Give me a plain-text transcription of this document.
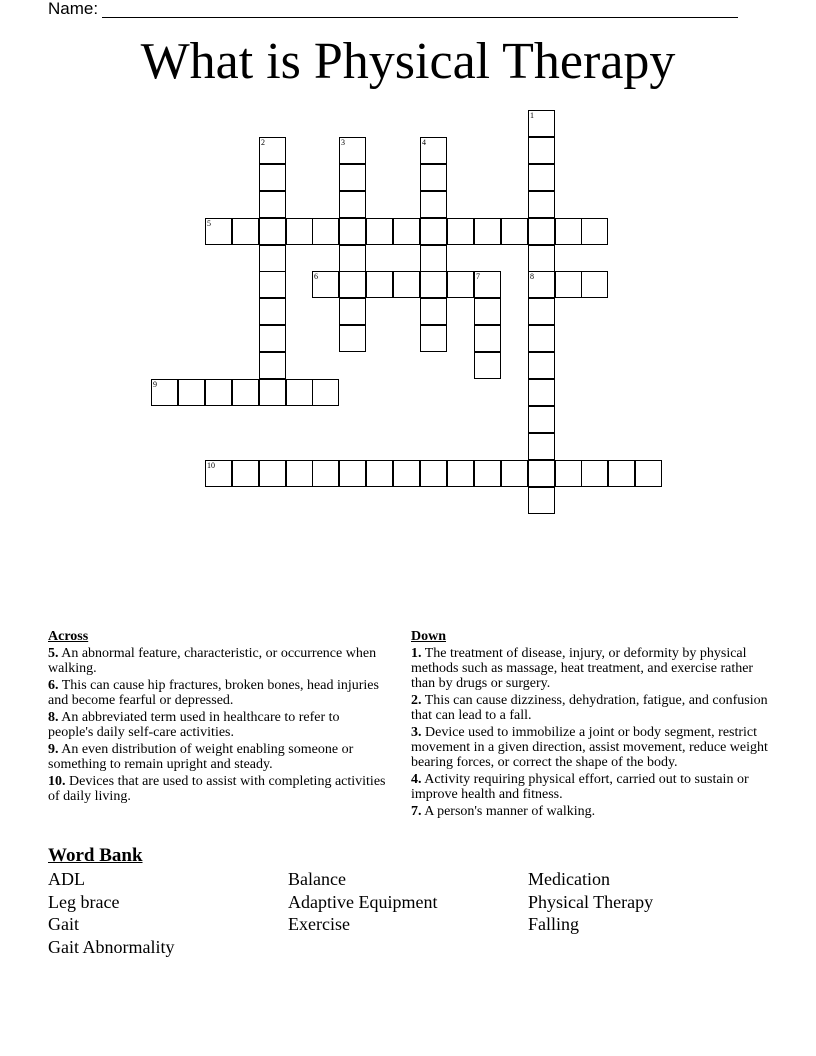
Name:
What is Physical Therapy
1
8
2	3	4
5
6	7
9
10
Across
5. An abnormal feature, characteristic, or occurrence when walking.
6. This can cause hip fractures, broken bones, head injuries and become fearful or depressed.
8. An abbreviated term used in healthcare to refer to people's daily self-care activities.
9. An even distribution of weight enabling someone or something to remain upright and steady.
10. Devices that are used to assist with completing activities of daily living.
Down
1. The treatment of disease, injury, or deformity by physical methods such as massage, heat treatment, and exercise rather than by drugs or surgery.
2. This can cause dizziness, dehydration, fatigue, and confusion that can lead to a fall.
3. Device used to immobilize a joint or body segment, restrict movement in a given direction, assist movement, reduce weight bearing forces, or correct the shape of the body.
4. Activity requiring physical effort, carried out to sustain or improve health and fitness.
7. A person's manner of walking.
Word Bank
ADL	Balance	Medication
Leg brace	Adaptive Equipment	Physical Therapy
Gait	Exercise	Falling
Gait Abnormality
